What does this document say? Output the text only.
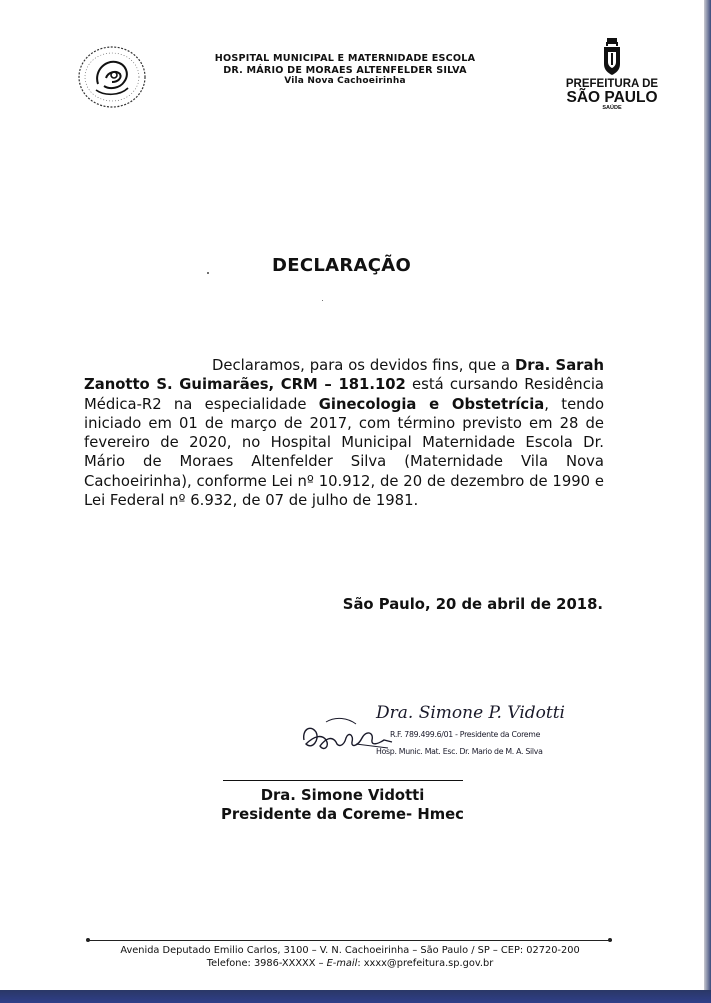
HOSPITAL MUNICIPAL E MATERNIDADE ESCOLA
DR. MÁRIO DE MORAES ALTENFELDER SILVA
Vila Nova Cachoeirinha	PREFEITURA DE
SÃO PAULO
SAÚDE
DECLARAÇÃO
Declaramos, para os devidos fins, que a Dra. Sarah Zanotto S. Guimarães, CRM – 181.102 está cursando Residência Médica-R2 na especialidade Ginecologia e Obstetrícia, tendo iniciado em 01 de março de 2017, com término previsto em 28 de fevereiro de 2020, no Hospital Municipal Maternidade Escola Dr. Mário de Moraes Altenfelder Silva (Maternidade Vila Nova Cachoeirinha), conforme Lei nº 10.912, de 20 de dezembro de 1990 e Lei Federal nº 6.932, de 07 de julho de 1981.
São Paulo, 20 de abril de 2018.
Dra. Simone P. Vidotti
R.F. 789.499.6/01 - Presidente da Coreme
Hosp. Munic. Mat. Esc. Dr. Mario de M. A. Silva
Dra. Simone Vidotti
Presidente da Coreme- Hmec
Avenida Deputado Emilio Carlos, 3100 – V. N. Cachoeirinha – São Paulo / SP – CEP: 02720-200
Telefone: 3986-XXXXX – E-mail: xxxx@prefeitura.sp.gov.br
